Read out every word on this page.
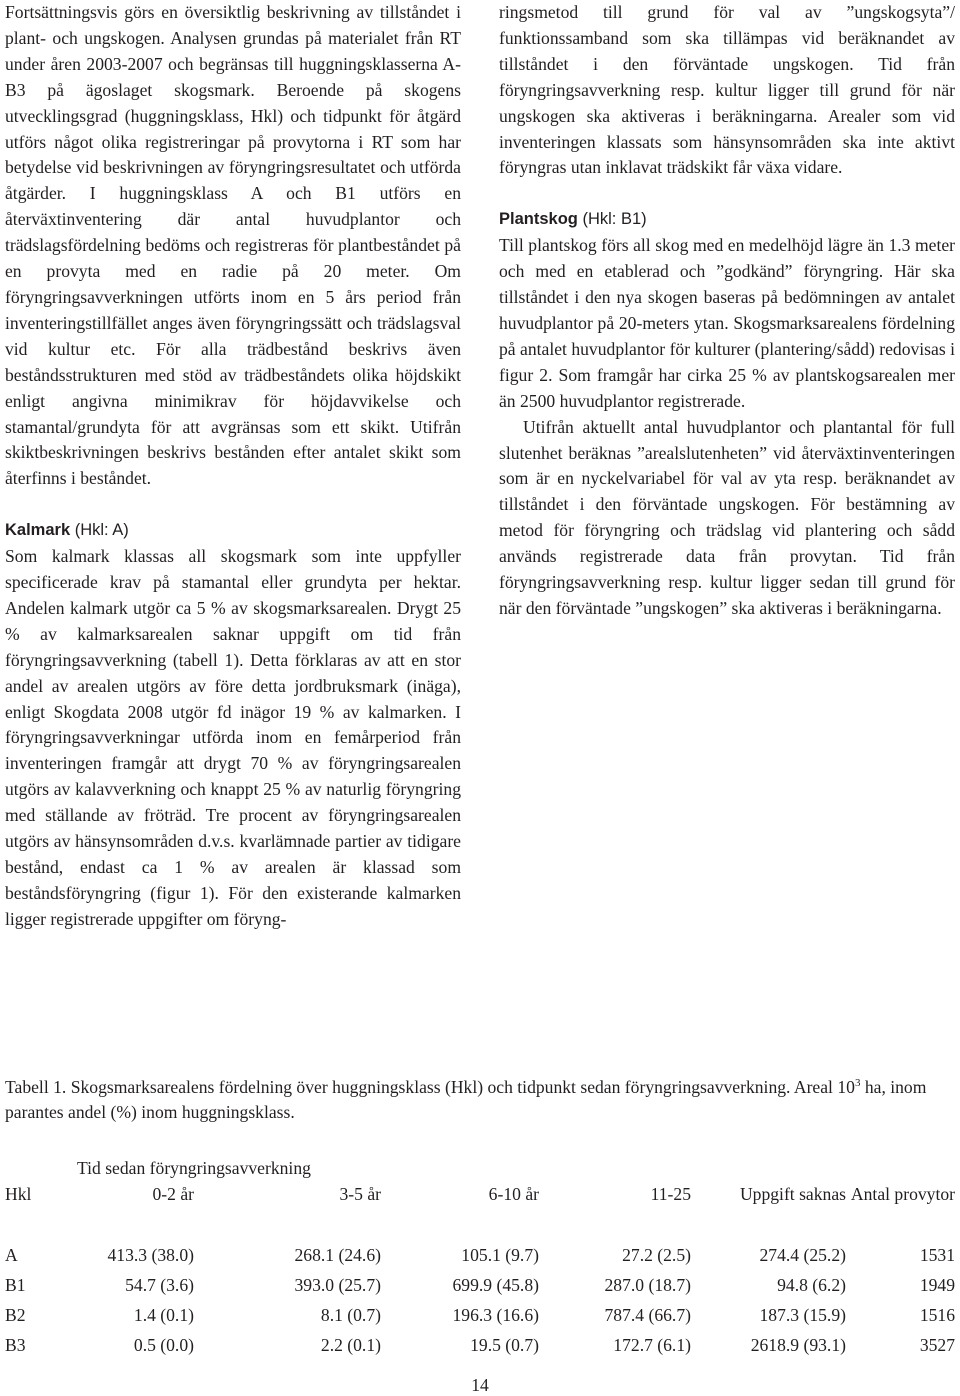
Fortsättningsvis görs en översiktlig beskrivning av tillståndet i plant- och ungskogen. Analysen grundas på materialet från RT under åren 2003-2007 och begränsas till huggningsklasserna A-B3 på ägoslaget skogsmark. Beroende på skogens utvecklingsgrad (huggningsklass, Hkl) och tidpunkt för åtgärd utförs något olika registreringar på provytorna i RT som har betydelse vid beskrivningen av föryngringsresultatet och utförda åtgärder. I huggningsklass A och B1 utförs en återväxtinventering där antal huvudplantor och trädslagsfördelning bedöms och registreras för plantbeståndet på en provyta med en radie på 20 meter. Om föryngringsavverkningen utförts inom en 5 års period från inventeringstillfället anges även föryngringssätt och trädslagsval vid kultur etc. För alla trädbestånd beskrivs även beståndsstrukturen med stöd av trädbeståndets olika höjdskikt enligt angivna minimikrav för höjdavvikelse och stamantal/grundyta för att avgränsas som ett skikt. Utifrån skiktbeskrivningen beskrivs bestånden efter antalet skikt som återfinns i beståndet.

Kalmark (Hkl: A)

Som kalmark klassas all skogsmark som inte uppfyller specificerade krav på stamantal eller grundyta per hektar. Andelen kalmark utgör ca 5 % av skogsmarksarealen. Drygt 25 % av kalmarksarealen saknar uppgift om tid från föryngringsavverkning (tabell 1). Detta förklaras av att en stor andel av arealen utgörs av före detta jordbruksmark (inäga), enligt Skogdata 2008 utgör fd inägor 19 % av kalmarken. I föryngringsavverkningar utförda inom en femårperiod från inventeringen framgår att drygt 70 % av föryngringsarealen utgörs av kalavverkning och knappt 25 % av naturlig föryngring med ställande av fröträd. Tre procent av föryngringsarealen utgörs av hänsynsområden d.v.s. kvarlämnade partier av tidigare bestånd, endast ca 1 % av arealen är klassad som beståndsföryngring (figur 1). För den existerande kalmarken ligger registrerade uppgifter om föryng-

ringsmetod till grund för val av ”ungskogsyta”/ funktionssamband som ska tillämpas vid beräknandet av tillståndet i den förväntade ungskogen. Tid från föryngringsavverkning resp. kultur ligger till grund för när ungskogen ska aktiveras i beräkningarna. Arealer som vid inventeringen klassats som hänsynsområden ska inte aktivt föryngras utan inklavat trädskikt får växa vidare.

Plantskog (Hkl: B1)

Till plantskog förs all skog med en medelhöjd lägre än 1.3 meter och med en etablerad och ”godkänd” föryngring. Här ska tillståndet i den nya skogen baseras på bedömningen av antalet huvudplantor på 20-meters ytan. Skogsmarksarealens fördelning på antalet huvudplantor för kulturer (plantering/sådd) redovisas i figur 2. Som framgår har cirka 25 % av plantskogsarealen mer än 2500 huvudplantor registrerade.

Utifrån aktuellt antal huvudplantor och plantantal för full slutenhet beräknas ”arealslutenheten” vid återväxtinventeringen som är en nyckelvariabel för val av yta resp. beräknandet av tillståndet i den förväntade ungskogen. För bestämning av metod för föryngring och trädslag vid plantering och sådd används registrerade data från provytan. Tid från föryngringsavverkning resp. kultur ligger sedan till grund för när den förväntade ”ungskogen” ska aktiveras i beräkningarna.

Tabell 1. Skogsmarksarealens fördelning över huggningsklass (Hkl) och tidpunkt sedan föryngringsavverkning. Areal $10^3$ ha, inom parantes andel (%) inom huggningsklass.
	Tid sedan föryngringsavverkning					
Hkl	0-2 år	3-5 år	6-10 år	11-25	Uppgift saknas	Antal provytor
A	413.3 (38.0)	268.1 (24.6)	105.1 (9.7)	27.2 (2.5)	274.4 (25.2)	1531
B1	54.7 (3.6)	393.0 (25.7)	699.9 (45.8)	287.0 (18.7)	94.8 (6.2)	1949
B2	1.4 (0.1)	8.1 (0.7)	196.3 (16.6)	787.4 (66.7)	187.3 (15.9)	1516
B3	0.5 (0.0)	2.2 (0.1)	19.5 (0.7)	172.7 (6.1)	2618.9 (93.1)	3527
14
